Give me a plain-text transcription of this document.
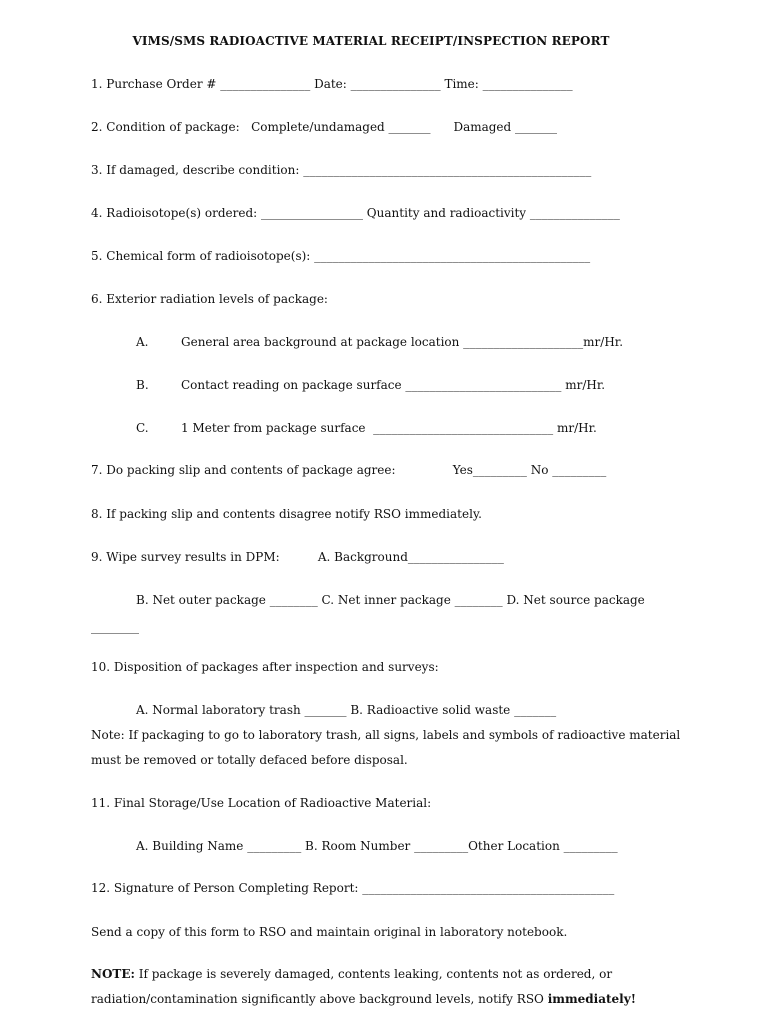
VIMS/SMS RADIOACTIVE MATERIAL RECEIPT/INSPECTION REPORT
1. Purchase Order # _______________ Date: _______________ Time: _______________
2. Condition of package:   Complete/undamaged _______      Damaged _______
3. If damaged, describe condition: ________________________________________________
4. Radioisotope(s) ordered: _________________ Quantity and radioactivity _______________
5. Chemical form of radioisotope(s): ______________________________________________
6. Exterior radiation levels of package:
A.	General area background at package location ____________________mr/Hr.
B.	Contact reading on package surface __________________________ mr/Hr.
C.	1 Meter from package surface  ______________________________ mr/Hr.
7. Do packing slip and contents of package agree:               Yes_________ No _________
8. If packing slip and contents disagree notify RSO immediately.
9. Wipe survey results in DPM:          A. Background________________
B. Net outer package ________ C. Net inner package ________ D. Net source package
________
10. Disposition of packages after inspection and surveys:
A. Normal laboratory trash _______ B. Radioactive solid waste _______
Note: If packaging to go to laboratory trash, all signs, labels and symbols of radioactive material
must be removed or totally defaced before disposal.
11. Final Storage/Use Location of Radioactive Material:
A. Building Name _________ B. Room Number _________Other Location _________
12. Signature of Person Completing Report: __________________________________________
Send a copy of this form to RSO and maintain original in laboratory notebook.
NOTE: If package is severely damaged, contents leaking, contents not as ordered, or
radiation/contamination significantly above background levels, notify RSO immediately!
